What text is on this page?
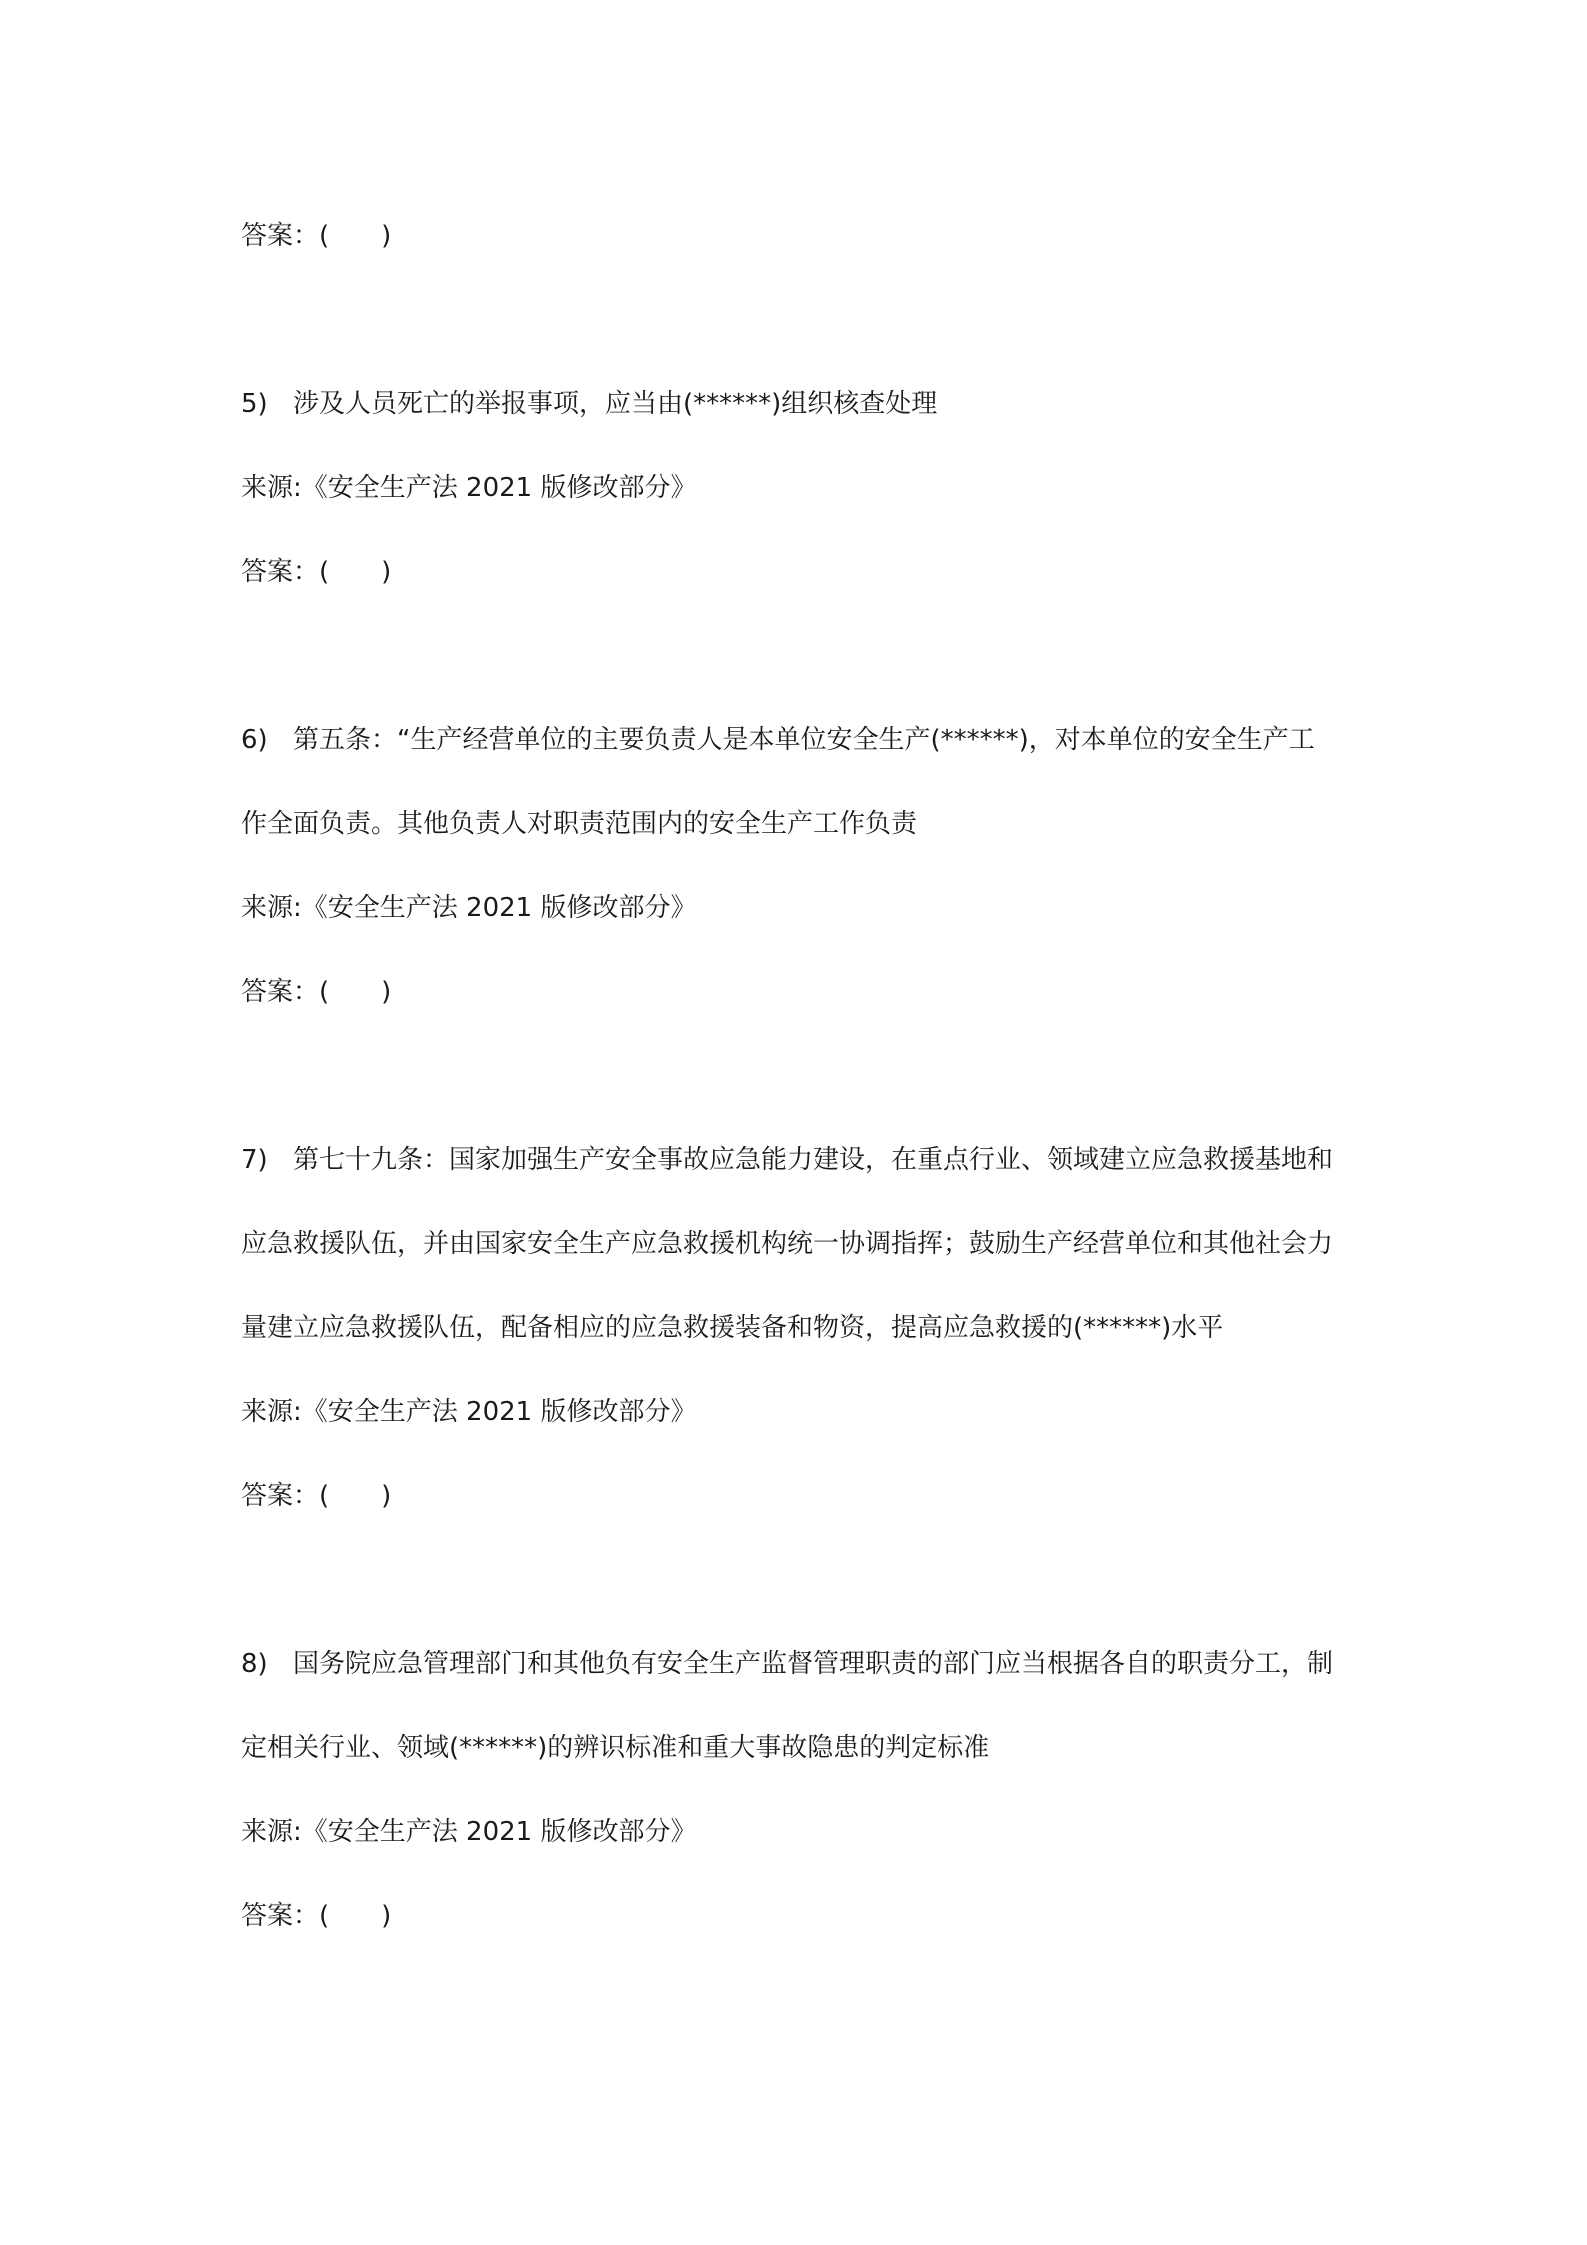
答案：( )
5) 涉及人员死亡的举报事项，应当由(******)组织核查处理
来源:《安全生产法 2021 版修改部分》
答案：( )
6) 第五条：“生产经营单位的主要负责人是本单位安全生产(******)，对本单位的安全生产工
作全面负责。其他负责人对职责范围内的安全生产工作负责
来源:《安全生产法 2021 版修改部分》
答案：( )
7) 第七十九条：国家加强生产安全事故应急能力建设，在重点行业、领域建立应急救援基地和
应急救援队伍，并由国家安全生产应急救援机构统一协调指挥；鼓励生产经营单位和其他社会力
量建立应急救援队伍，配备相应的应急救援装备和物资，提高应急救援的(******)水平
来源:《安全生产法 2021 版修改部分》
答案：( )
8) 国务院应急管理部门和其他负有安全生产监督管理职责的部门应当根据各自的职责分工，制
定相关行业、领域(******)的辨识标准和重大事故隐患的判定标准
来源:《安全生产法 2021 版修改部分》
答案：( )
